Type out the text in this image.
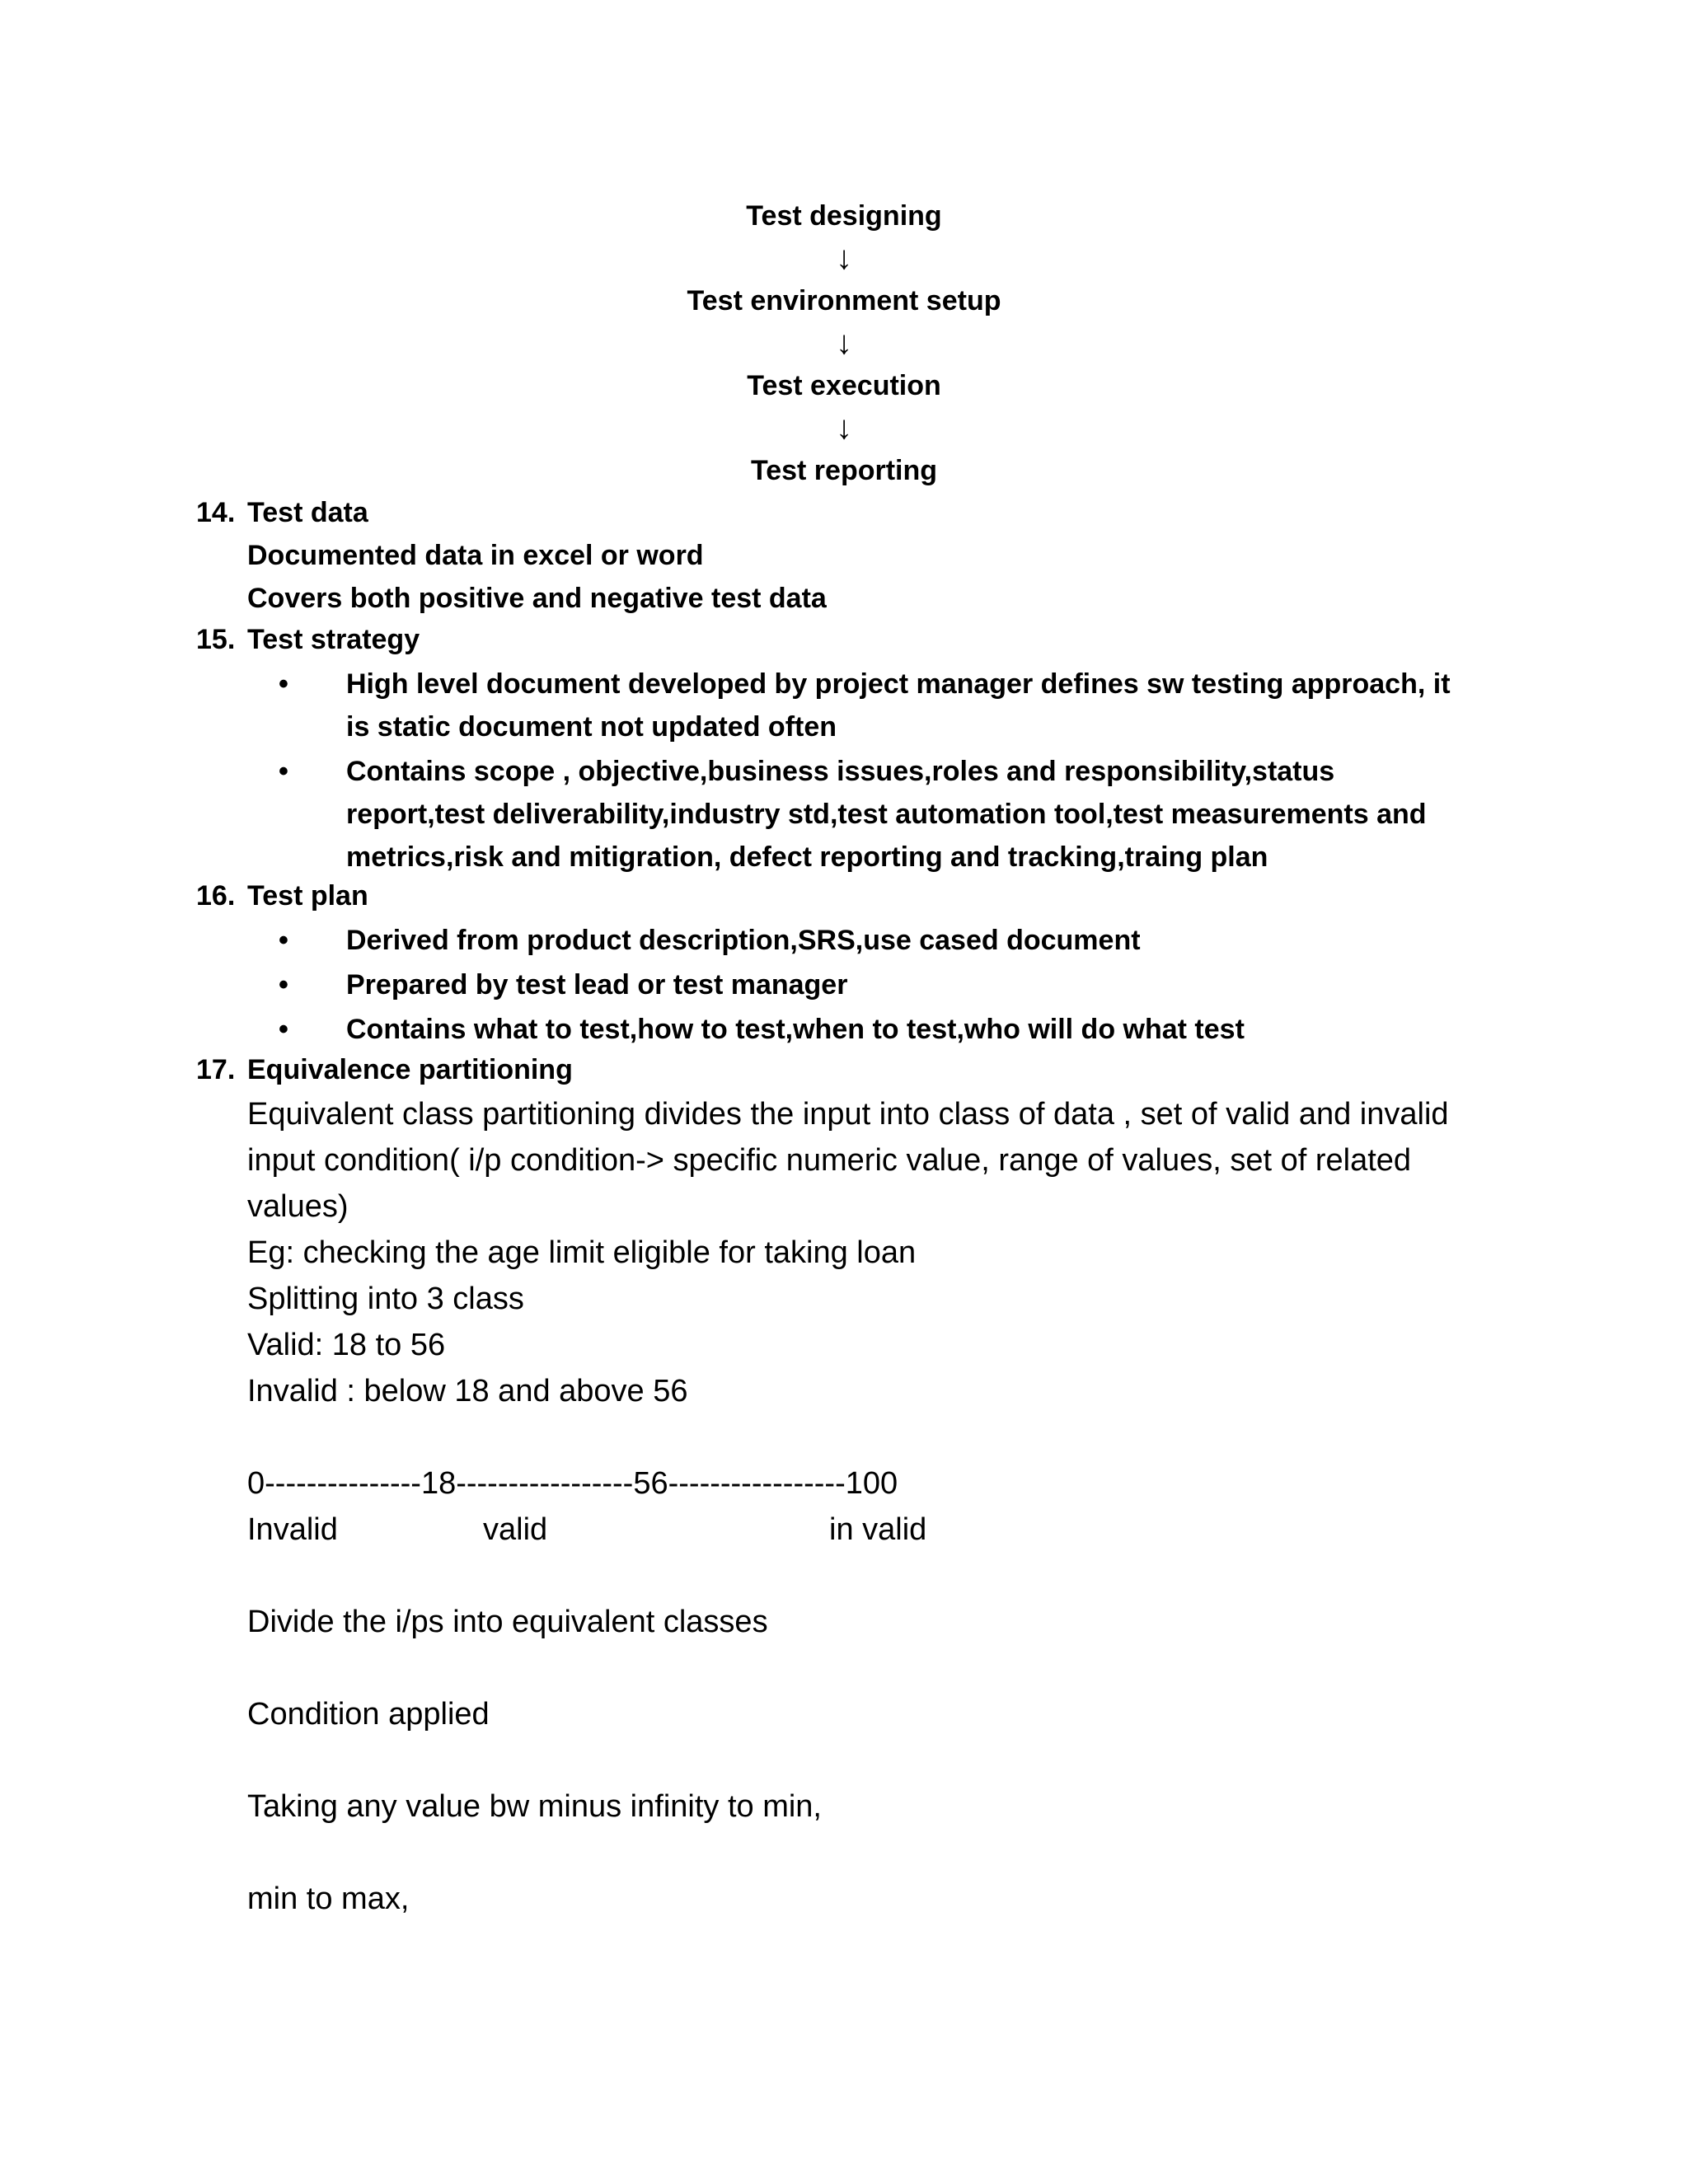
Test designing
↓
Test environment setup
↓
Test execution
↓
Test reporting
14. Test data
Documented data in excel or word
Covers both positive and negative test data
15. Test strategy
• High level document developed by project manager defines sw testing approach, it is static document not updated often
• Contains scope , objective,business issues,roles and responsibility,status report,test deliverability,industry std,test automation tool,test measurements and metrics,risk and mitigration, defect reporting and tracking,traing plan
16. Test plan
• Derived from product description,SRS,use cased document
• Prepared by test lead or test manager
• Contains what to test,how to test,when to test,who will do what test
17. Equivalence partitioning
Equivalent class partitioning divides the input into class of data , set of valid and invalid input condition( i/p condition-> specific numeric value, range of values, set of related values)
Eg: checking the age limit eligible for taking loan
Splitting into 3 class
Valid: 18 to 56
Invalid : below 18 and above 56
0---------------18-----------------56-----------------100
Invalid	valid	in valid
Divide the i/ps into equivalent classes
Condition applied
Taking any value bw minus infinity to min,
min to max,
